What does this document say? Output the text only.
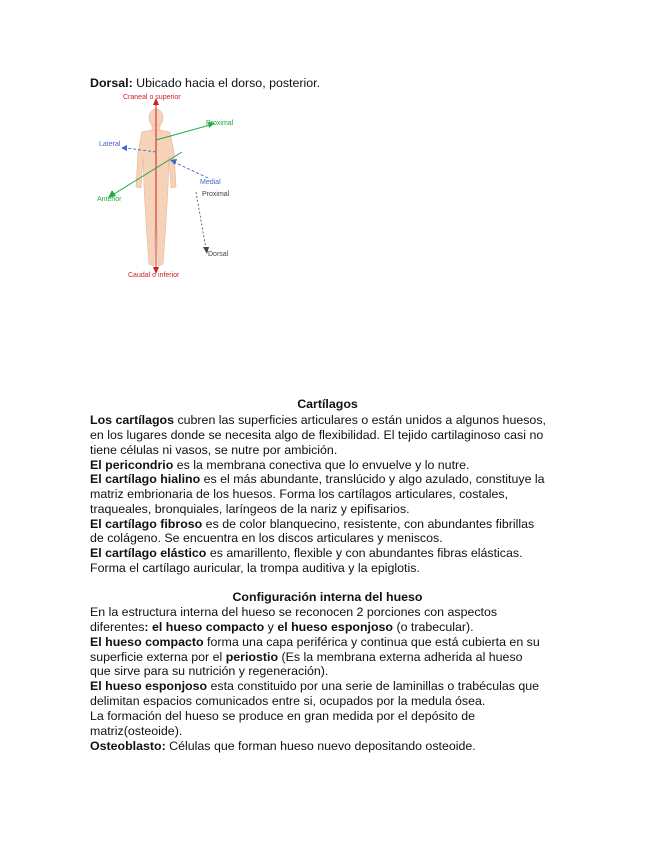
Dorsal: Ubicado hacia el dorso, posterior.
Craneal o superior
Caudal o inferior
Proximal
Lateral
Medial
Anterior
Proximal
Dorsal
Cartílagos
Los cartílagos cubren las superficies articulares o están unidos a algunos huesos,
en los lugares donde se necesita algo de flexibilidad. El tejido cartilaginoso casi no
tiene células ni vasos, se nutre por ambición.
El pericondrio es la membrana conectiva que lo envuelve y lo nutre.
El cartílago hialino es el más abundante, translúcido y algo azulado, constituye la
matriz embrionaria de los huesos. Forma los cartílagos articulares, costales,
traqueales, bronquiales, laríngeos de la nariz y epifisarios.
El cartílago fibroso es de color blanquecino, resistente, con abundantes fibrillas
de colágeno. Se encuentra en los discos articulares y meniscos.
El cartílago elástico es amarillento, flexible y con abundantes fibras elásticas.
Forma el cartílago auricular, la trompa auditiva y la epiglotis.
Configuración interna del hueso
En la estructura interna del hueso se reconocen 2 porciones con aspectos
diferentes: el hueso compacto y el hueso esponjoso (o trabecular).
El hueso compacto forma una capa periférica y continua que está cubierta en su
superficie externa por el periostio (Es la membrana externa adherida al hueso
que sirve para su nutrición y regeneración).
El hueso esponjoso esta constituido por una serie de laminillas o trabéculas que
delimitan espacios comunicados entre si, ocupados por la medula ósea.
La formación del hueso se produce en gran medida por el depósito de
matriz(osteoide).
Osteoblasto: Células que forman hueso nuevo depositando osteoide.
